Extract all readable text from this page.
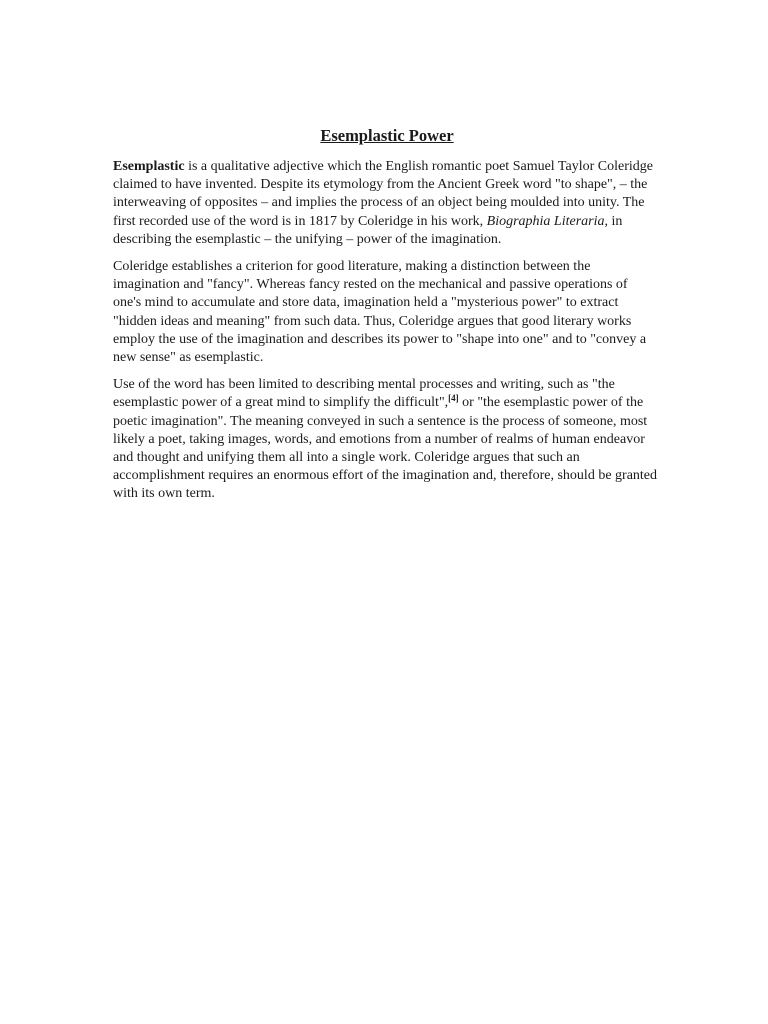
Esemplastic Power

Esemplastic is a qualitative adjective which the English romantic poet Samuel Taylor Coleridge claimed to have invented. Despite its etymology from the Ancient Greek word "to shape", – the interweaving of opposites – and implies the process of an object being moulded into unity. The first recorded use of the word is in 1817 by Coleridge in his work, Biographia Literaria, in describing the esemplastic – the unifying – power of the imagination.

Coleridge establishes a criterion for good literature, making a distinction between the imagination and "fancy". Whereas fancy rested on the mechanical and passive operations of one's mind to accumulate and store data, imagination held a "mysterious power" to extract "hidden ideas and meaning" from such data. Thus, Coleridge argues that good literary works employ the use of the imagination and describes its power to "shape into one" and to "convey a new sense" as esemplastic.

Use of the word has been limited to describing mental processes and writing, such as "the esemplastic power of a great mind to simplify the difficult",[4] or "the esemplastic power of the poetic imagination". The meaning conveyed in such a sentence is the process of someone, most likely a poet, taking images, words, and emotions from a number of realms of human endeavor and thought and unifying them all into a single work. Coleridge argues that such an accomplishment requires an enormous effort of the imagination and, therefore, should be granted with its own term.
